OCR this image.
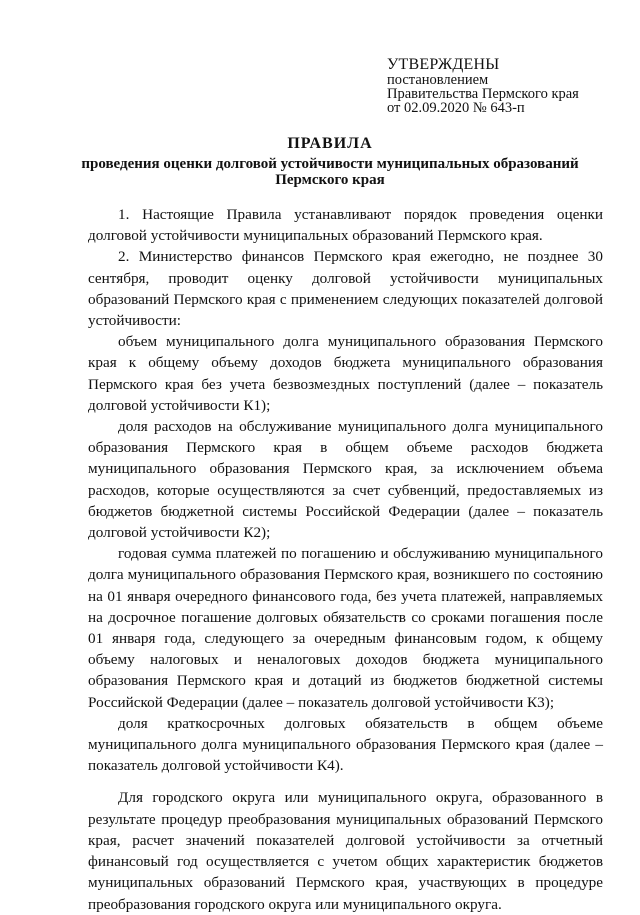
УТВЕРЖДЕНЫ
постановлением
Правительства Пермского края
от 02.09.2020 № 643-п
ПРАВИЛА
проведения оценки долговой устойчивости муниципальных образований
Пермского края

1. Настоящие Правила устанавливают порядок проведения оценки долговой устойчивости муниципальных образований Пермского края.

2. Министерство финансов Пермского края ежегодно, не позднее 30 сентября, проводит оценку долговой устойчивости муниципальных образований Пермского края с применением следующих показателей долговой устойчивости:

объем муниципального долга муниципального образования Пермского края к общему объему доходов бюджета муниципального образования Пермского края без учета безвозмездных поступлений (далее – показатель долговой устойчивости К1);

доля расходов на обслуживание муниципального долга муниципального образования Пермского края в общем объеме расходов бюджета муниципального образования Пермского края, за исключением объема расходов, которые осуществляются за счет субвенций, предоставляемых из бюджетов бюджетной системы Российской Федерации (далее – показатель долговой устойчивости К2);

годовая сумма платежей по погашению и обслуживанию муниципального долга муниципального образования Пермского края, возникшего по состоянию на 01 января очередного финансового года, без учета платежей, направляемых на досрочное погашение долговых обязательств со сроками погашения после 01 января года, следующего за очередным финансовым годом, к общему объему налоговых и неналоговых доходов бюджета муниципального образования Пермского края и дотаций из бюджетов бюджетной системы Российской Федерации (далее – показатель долговой устойчивости К3);

доля краткосрочных долговых обязательств в общем объеме муниципального долга муниципального образования Пермского края (далее – показатель долговой устойчивости К4).

Для городского округа или муниципального округа, образованного в результате процедур преобразования муниципальных образований Пермского края, расчет значений показателей долговой устойчивости за отчетный финансовый год осуществляется с учетом общих характеристик бюджетов муниципальных образований Пермского края, участвующих в процедуре преобразования городского округа или муниципального округа.
